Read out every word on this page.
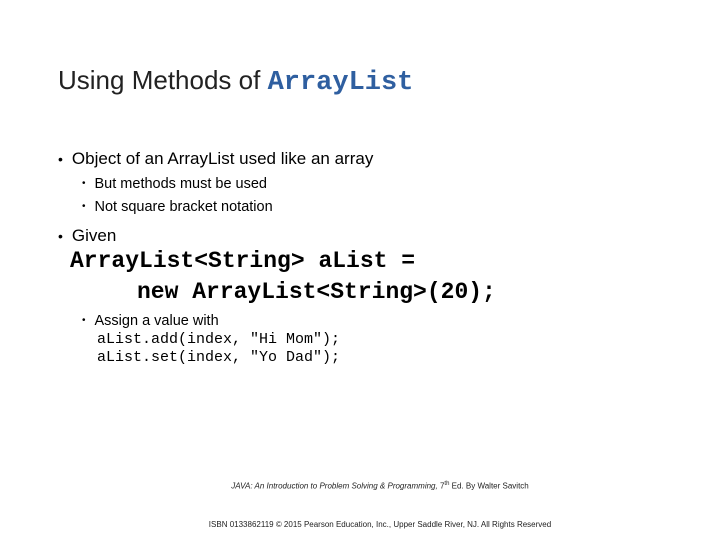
Using Methods of ArrayList
• Object of an ArrayList used like an array
• But methods must be used
• Not square bracket notation
• Given
ArrayList<String> aList =
new ArrayList<String>(20);
• Assign a value with
aList.add(index, "Hi Mom");
aList.set(index, "Yo Dad");
JAVA: An Introduction to Problem Solving & Programming, 7th Ed. By Walter Savitch
ISBN 0133862119 © 2015 Pearson Education, Inc., Upper Saddle River, NJ. All Rights Reserved
